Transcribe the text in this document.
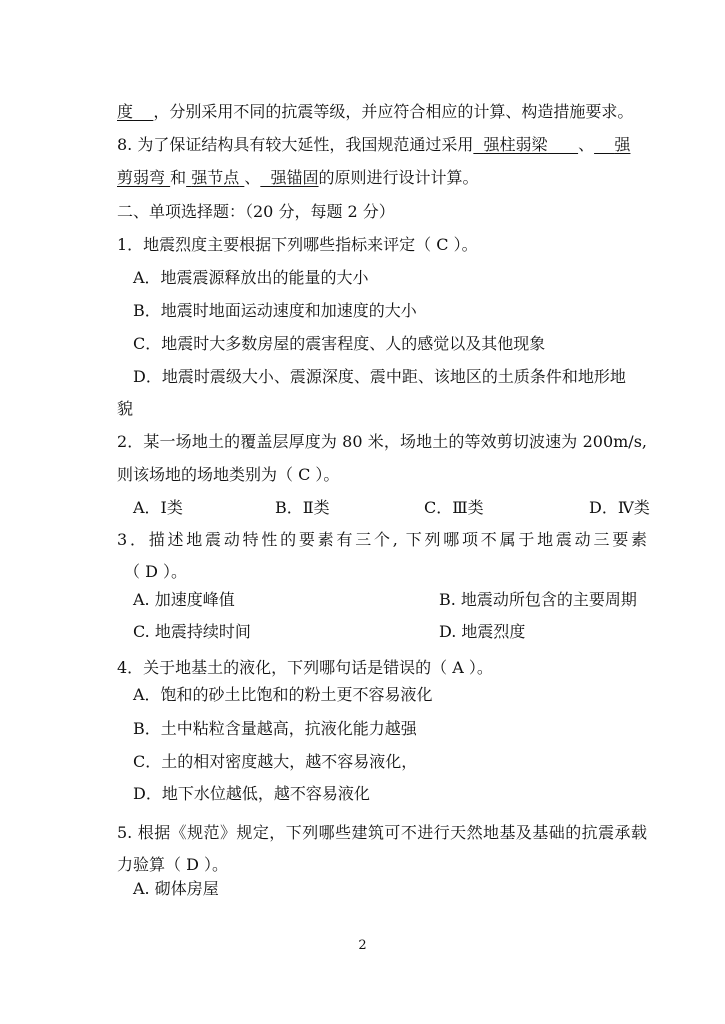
度 ，分别采用不同的抗震等级，并应符合相应的计算、构造措施要求。
8. 为了保证结构具有较大延性，我国规范通过采用 强柱弱梁 、 强
剪弱弯 和 强节点 、 强锚固的原则进行设计计算。
二、单项选择题：（20 分，每题 2 分）
1．地震烈度主要根据下列哪些指标来评定（ C ）。
A．地震震源释放出的能量的大小
B．地震时地面运动速度和加速度的大小
C．地震时大多数房屋的震害程度、人的感觉以及其他现象
D．地震时震级大小、震源深度、震中距、该地区的土质条件和地形地
貌
2．某一场地土的覆盖层厚度为 80 米，场地土的等效剪切波速为 200m/s,
则该场地的场地类别为（ C ）。
A．Ⅰ类	B．Ⅱ类	C．Ⅲ类	D．Ⅳ类
3．描述地震动特性的要素有三个, 下列哪项不属于地震动三要素
（ D ）。
A. 加速度峰值	B. 地震动所包含的主要周期
C. 地震持续时间	D. 地震烈度
4．关于地基土的液化，下列哪句话是错误的（ A ）。
A．饱和的砂土比饱和的粉土更不容易液化
B．土中粘粒含量越高，抗液化能力越强
C．土的相对密度越大，越不容易液化，
D．地下水位越低，越不容易液化
5. 根据《规范》规定，下列哪些建筑可不进行天然地基及基础的抗震承载
力验算（ D ）。
A. 砌体房屋
2
